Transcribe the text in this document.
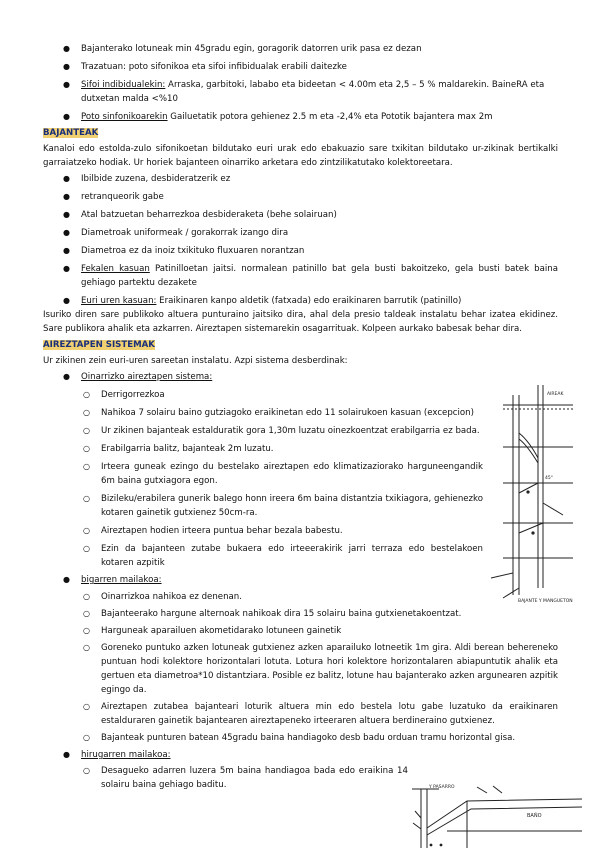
● Bajanterako lotuneak min 45gradu egin, goragorik datorren urik pasa ez dezan
● Trazatuan: poto sifonikoa eta sifoi infibidualak erabili daitezke
● Sifoi indibidualekin: Arraska, garbitoki, lababo eta bideetan < 4.00m eta 2,5 – 5 % maldarekin. BaineRA eta dutxetan malda <%10
● Poto sinfonikoarekin Gailuetatik potora gehienez 2.5 m eta -2,4% eta Pototik bajantera max 2m
BAJANTEAK
Kanaloi edo estolda-zulo sifonikoetan bildutako euri urak edo ebakuazio sare txikitan bildutako ur-zikinak bertikalki garraiatzeko hodiak. Ur horiek bajanteen oinarriko arketara edo zintzilikatutako kolektoreetara.
● Ibilbide zuzena, desbideratzerik ez
● retranqueorik gabe
● Atal batzuetan beharrezkoa desbideraketa (behe solairuan)
● Diametroak uniformeak / gorakorrak izango dira
● Diametroa ez da inoiz txikituko fluxuaren norantzan
● Fekalen kasuan Patinilloetan jaitsi. normalean patinillo bat gela busti bakoitzeko, gela busti batek baina gehiago partektu dezakete
● Euri uren kasuan: Eraikinaren kanpo aldetik (fatxada) edo eraikinaren barrutik (patinillo)
Isuriko diren sare publikoko altuera punturaino jaitsiko dira, ahal dela presio taldeak instalatu behar izatea ekidinez. Sare publikora ahalik eta azkarren. Aireztapen sistemarekin osagarrituak. Kolpeen aurkako babesak behar dira.
AIREZTAPEN SISTEMAK
Ur zikinen zein euri-uren sareetan instalatu. Azpi sistema desberdinak:
● Oinarrizko aireztapen sistema:
○ Derrigorrezkoa
○ Nahikoa 7 solairu baino gutziagoko eraikinetan edo 11 solairukoen kasuan (excepcion)
○ Ur zikinen bajanteak estalduratik gora 1,30m luzatu oinezkoentzat erabilgarria ez bada.
○ Erabilgarria balitz, bajanteak 2m luzatu.
○ Irteera guneak ezingo du bestelako aireztapen edo klimatizaziorako harguneengandik 6m baina gutxiagora egon.
○ Bizileku/erabilera gunerik balego honn ireera 6m baina distantzia txikiagora, gehienezko kotaren gainetik gutxienez 50cm-ra.
○ Aireztapen hodien irteera puntua behar bezala babestu.
○ Ezin da bajanteen zutabe bukaera edo irteeerakirik jarri terraza edo bestelakoen kotaren azpitik
● bigarren mailakoa:
○ Oinarrizkoa nahikoa ez denenan.
○ Bajanteerako hargune alternoak nahikoak dira 15 solairu baina gutxienetakoentzat.
○ Harguneak aparailuen akometidarako lotuneen gainetik
○ Goreneko puntuko azken lotuneak gutxienez azken aparailuko lotneetik 1m gira. Aldi berean behereneko puntuan hodi kolektore horizontalari lotuta. Lotura hori kolektore horizontalaren abiapuntutik ahalik eta gertuen eta diametroa*10 distantziara. Posible ez balitz, lotune hau bajanterako azken argunearen azpitik egingo da.
○ Aireztapen zutabea bajanteari loturik altuera min edo bestela lotu gabe luzatuko da eraikinaren estalduraren gainetik bajantearen aireztapeneko irteeraren altuera berdineraino gutxienez.
○ Bajanteak punturen batean 45gradu baina handiagoko desb badu orduan tramu horizontal gisa.
● hirugarren mailakoa:
○ Desagueko adarren luzera 5m baina handiagoa bada edo eraikina 14 solairu baina gehiago baditu.
AIREAK
45°
BAJANTE Y MANGUETON
Y PASARRO
BAÑO
